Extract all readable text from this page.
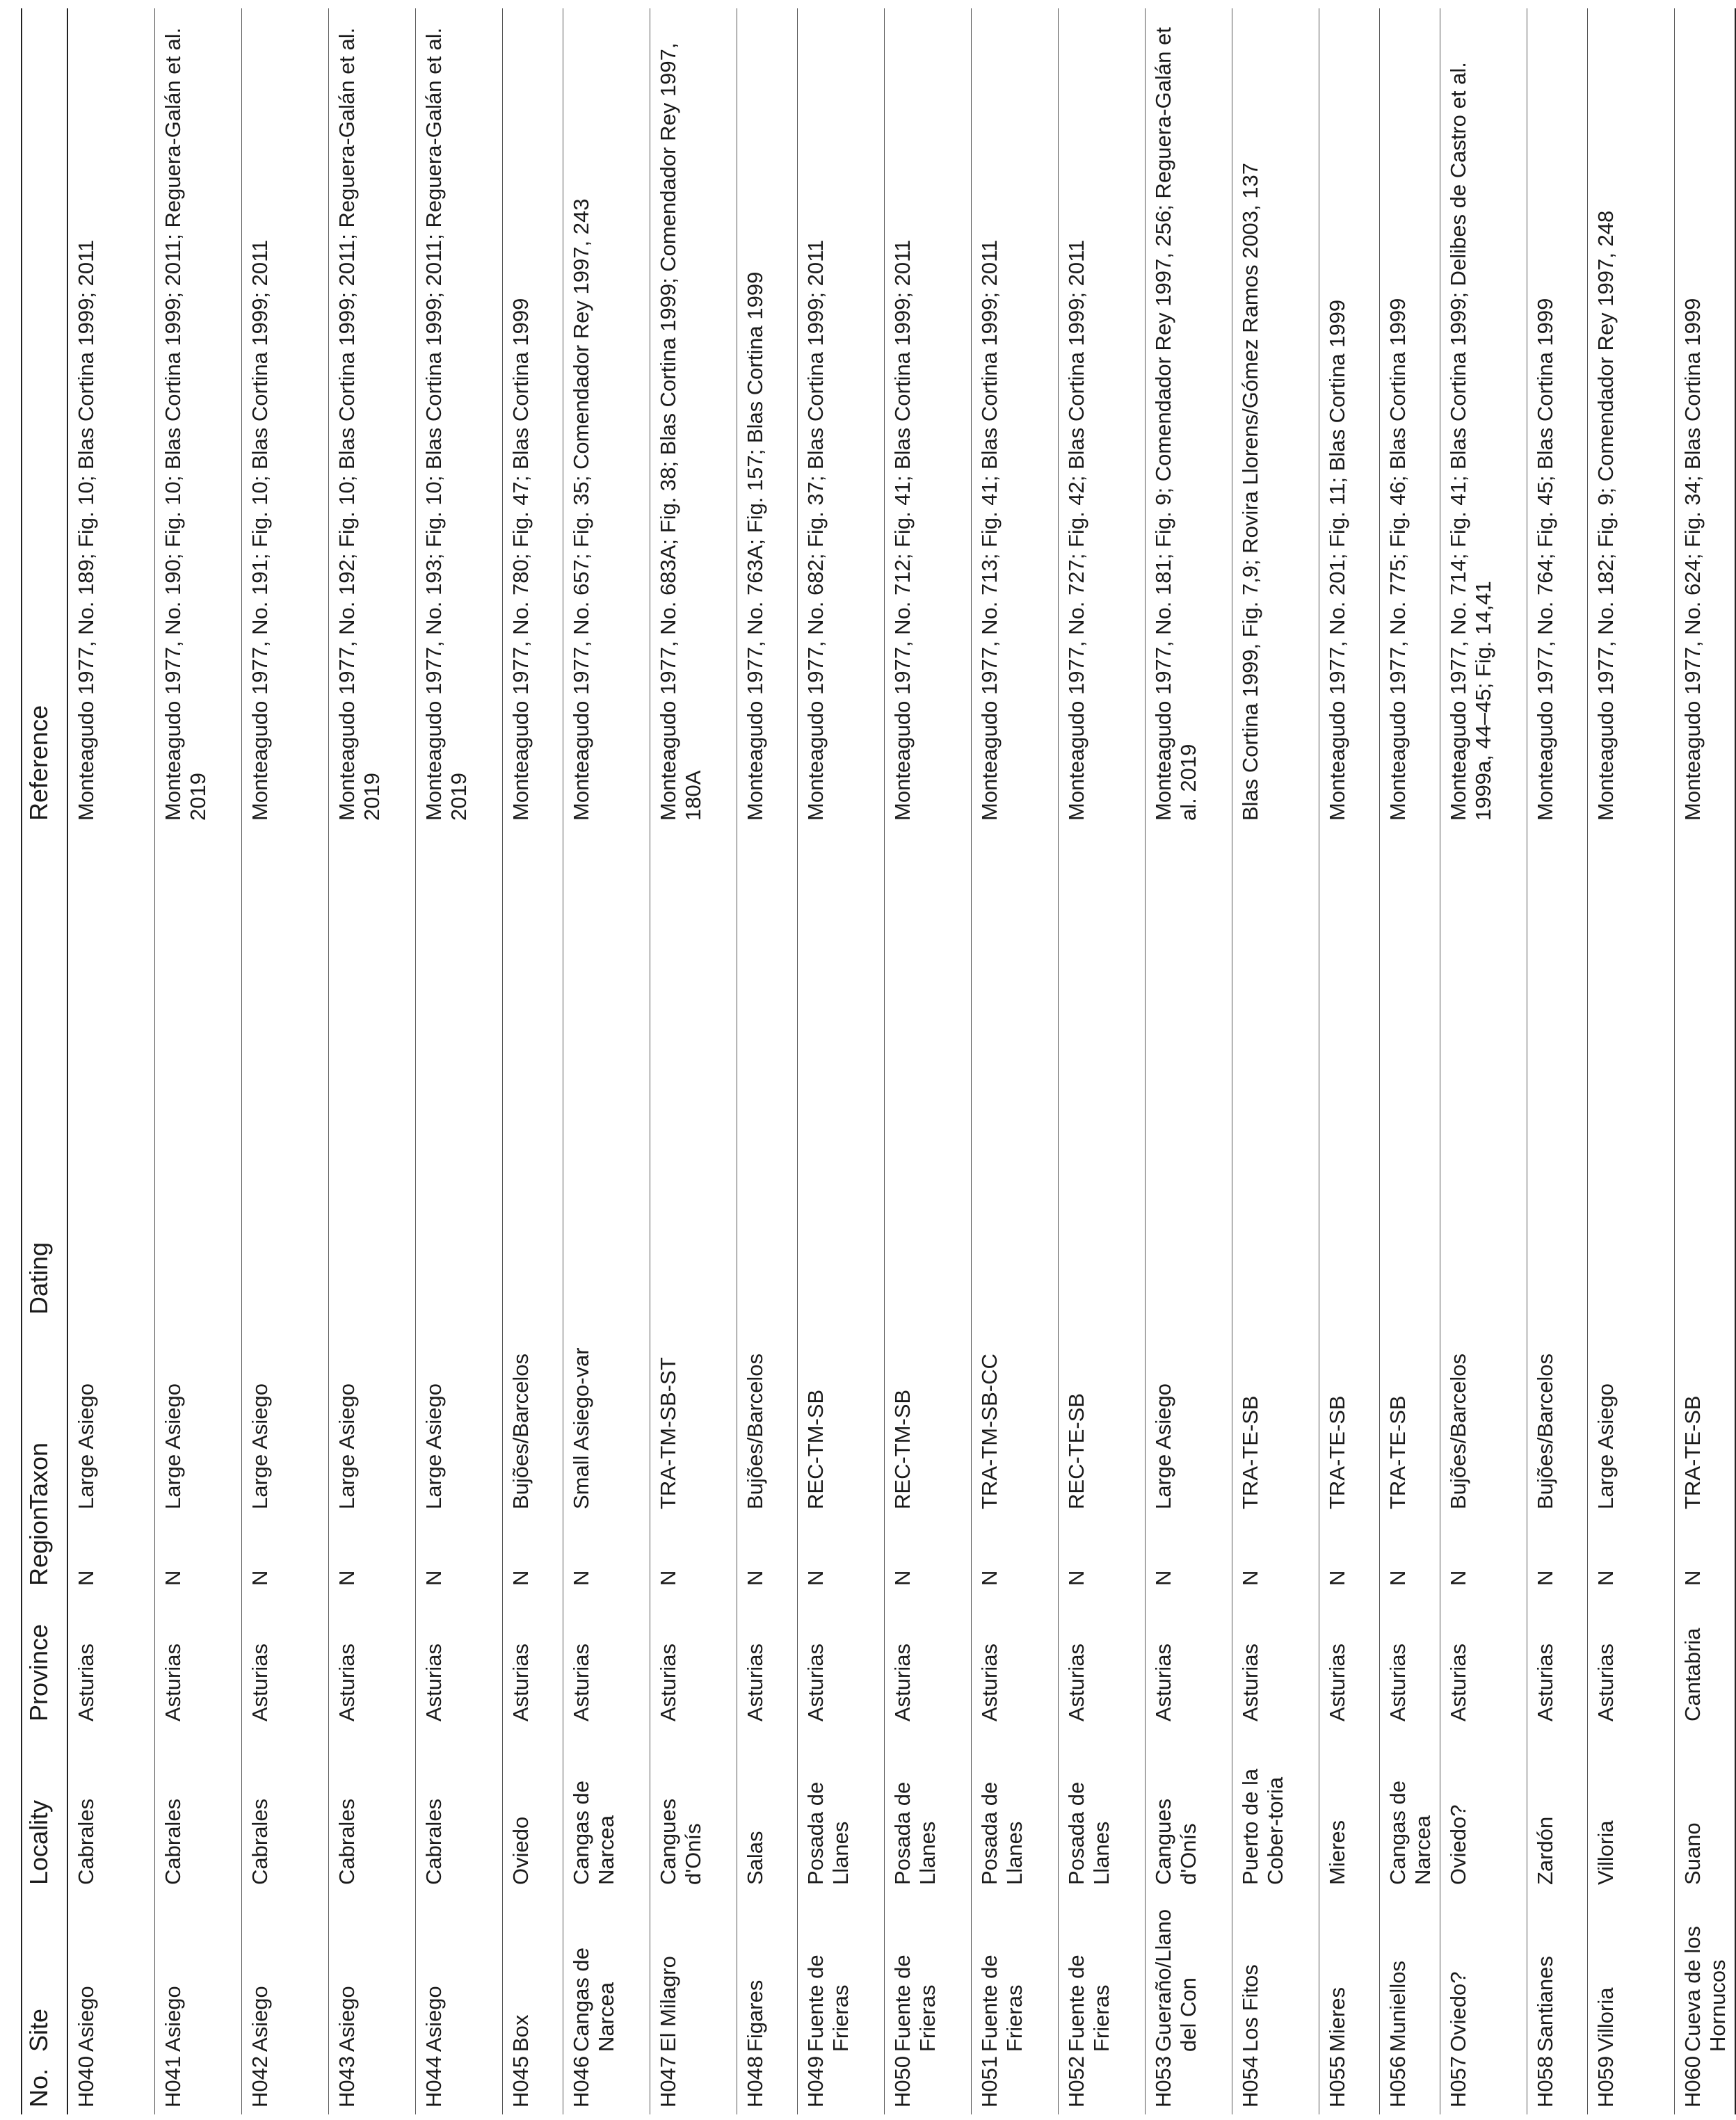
No.	Site	Locality	Province	Region	Taxon	Dating	Reference
H040	Asiego	Cabrales	Asturias	N	Large Asiego		Monteagudo 1977, No. 189; Fig. 10; Blas Cortina 1999; 2011
H041	Asiego	Cabrales	Asturias	N	Large Asiego		Monteagudo 1977, No. 190; Fig. 10; Blas Cortina 1999; 2011; Reguera-Galán et al. 2019
H042	Asiego	Cabrales	Asturias	N	Large Asiego		Monteagudo 1977, No. 191; Fig. 10; Blas Cortina 1999; 2011
H043	Asiego	Cabrales	Asturias	N	Large Asiego		Monteagudo 1977, No. 192; Fig. 10; Blas Cortina 1999; 2011; Reguera-Galán et al. 2019
H044	Asiego	Cabrales	Asturias	N	Large Asiego		Monteagudo 1977, No. 193; Fig. 10; Blas Cortina 1999; 2011; Reguera-Galán et al. 2019
H045	Box	Oviedo	Asturias	N	Bujões/Barcelos		Monteagudo 1977, No. 780; Fig. 47; Blas Cortina 1999
H046	Cangas de Narcea	Cangas de Narcea	Asturias	N	Small Asiego-var		Monteagudo 1977, No. 657; Fig. 35; Comendador Rey 1997, 243
H047	El Milagro	Cangues d'Onís	Asturias	N	TRA-TM-SB-ST		Monteagudo 1977, No. 683A; Fig. 38; Blas Cortina 1999; Comendador Rey 1997, 180A
H048	Figares	Salas	Asturias	N	Bujões/Barcelos		Monteagudo 1977, No. 763A; Fig. 157; Blas Cortina 1999
H049	Fuente de Frieras	Posada de Llanes	Asturias	N	REC-TM-SB		Monteagudo 1977, No. 682; Fig. 37; Blas Cortina 1999; 2011
H050	Fuente de Frieras	Posada de Llanes	Asturias	N	REC-TM-SB		Monteagudo 1977, No. 712; Fig. 41; Blas Cortina 1999; 2011
H051	Fuente de Frieras	Posada de Llanes	Asturias	N	TRA-TM-SB-CC		Monteagudo 1977, No. 713; Fig. 41; Blas Cortina 1999; 2011
H052	Fuente de Frieras	Posada de Llanes	Asturias	N	REC-TE-SB		Monteagudo 1977, No. 727; Fig. 42; Blas Cortina 1999; 2011
H053	Gueraño/Llano del Con	Cangues d'Onís	Asturias	N	Large Asiego		Monteagudo 1977, No. 181; Fig. 9; Comendador Rey 1997, 256; Reguera-Galán et al. 2019
H054	Los Fitos	Puerto de la Cober-toria	Asturias	N	TRA-TE-SB		Blas Cortina 1999, Fig. 7,9; Rovira Llorens/Gómez Ramos 2003, 137
H055	Mieres	Mieres	Asturias	N	TRA-TE-SB		Monteagudo 1977, No. 201; Fig. 11; Blas Cortina 1999
H056	Muniellos	Cangas de Narcea	Asturias	N	TRA-TE-SB		Monteagudo 1977, No. 775; Fig. 46; Blas Cortina 1999
H057	Oviedo?	Oviedo?	Asturias	N	Bujões/Barcelos		Monteagudo 1977, No. 714; Fig. 41; Blas Cortina 1999; Delibes de Castro et al. 1999a, 44–45; Fig. 14,41
H058	Santianes	Zardón	Asturias	N	Bujões/Barcelos		Monteagudo 1977, No. 764; Fig. 45; Blas Cortina 1999
H059	Villoria	Villoria	Asturias	N	Large Asiego		Monteagudo 1977, No. 182; Fig. 9; Comendador Rey 1997, 248
H060	Cueva de los Hornucos	Suano	Cantabria	N	TRA-TE-SB		Monteagudo 1977, No. 624; Fig. 34; Blas Cortina 1999
